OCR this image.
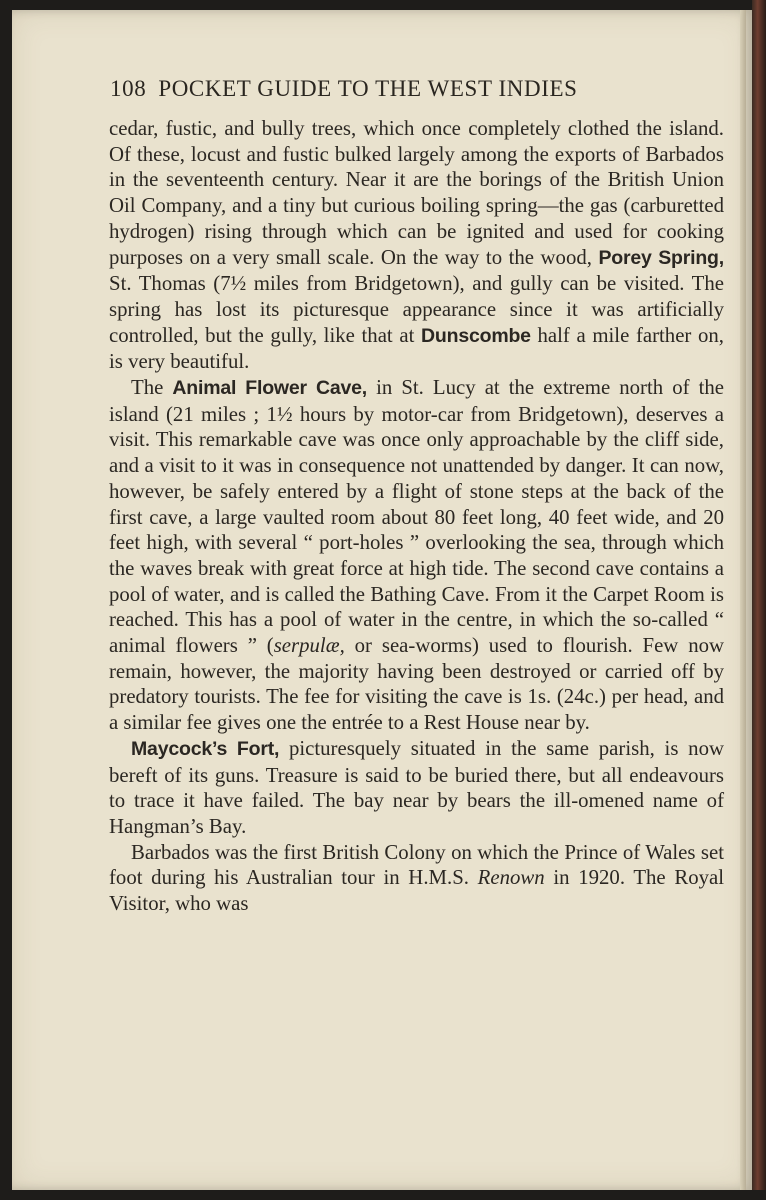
108 POCKET GUIDE TO THE WEST INDIES

cedar, fustic, and bully trees, which once completely clothed the island. Of these, locust and fustic bulked largely among the exports of Barbados in the seventeenth century. Near it are the borings of the British Union Oil Company, and a tiny but curious boiling spring—the gas (carburetted hydrogen) rising through which can be ignited and used for cooking purposes on a very small scale. On the way to the wood, Porey Spring, St. Thomas (7½ miles from Bridgetown), and gully can be visited. The spring has lost its picturesque appearance since it was artificially controlled, but the gully, like that at Dunscombe half a mile farther on, is very beautiful.

The Animal Flower Cave, in St. Lucy at the extreme north of the island (21 miles ; 1½ hours by motor-car from Bridgetown), deserves a visit. This remarkable cave was once only approachable by the cliff side, and a visit to it was in consequence not unattended by danger. It can now, however, be safely entered by a flight of stone steps at the back of the first cave, a large vaulted room about 80 feet long, 40 feet wide, and 20 feet high, with several “ port-holes ” overlooking the sea, through which the waves break with great force at high tide. The second cave contains a pool of water, and is called the Bathing Cave. From it the Carpet Room is reached. This has a pool of water in the centre, in which the so-called “ animal flowers ” (serpulæ, or sea-worms) used to flourish. Few now remain, however, the majority having been destroyed or carried off by predatory tourists. The fee for visiting the cave is 1s. (24c.) per head, and a similar fee gives one the entrée to a Rest House near by.

Maycock’s Fort, picturesquely situated in the same parish, is now bereft of its guns. Treasure is said to be buried there, but all endeavours to trace it have failed. The bay near by bears the ill-omened name of Hangman’s Bay.

Barbados was the first British Colony on which the Prince of Wales set foot during his Australian tour in H.M.S. Renown in 1920. The Royal Visitor, who was
